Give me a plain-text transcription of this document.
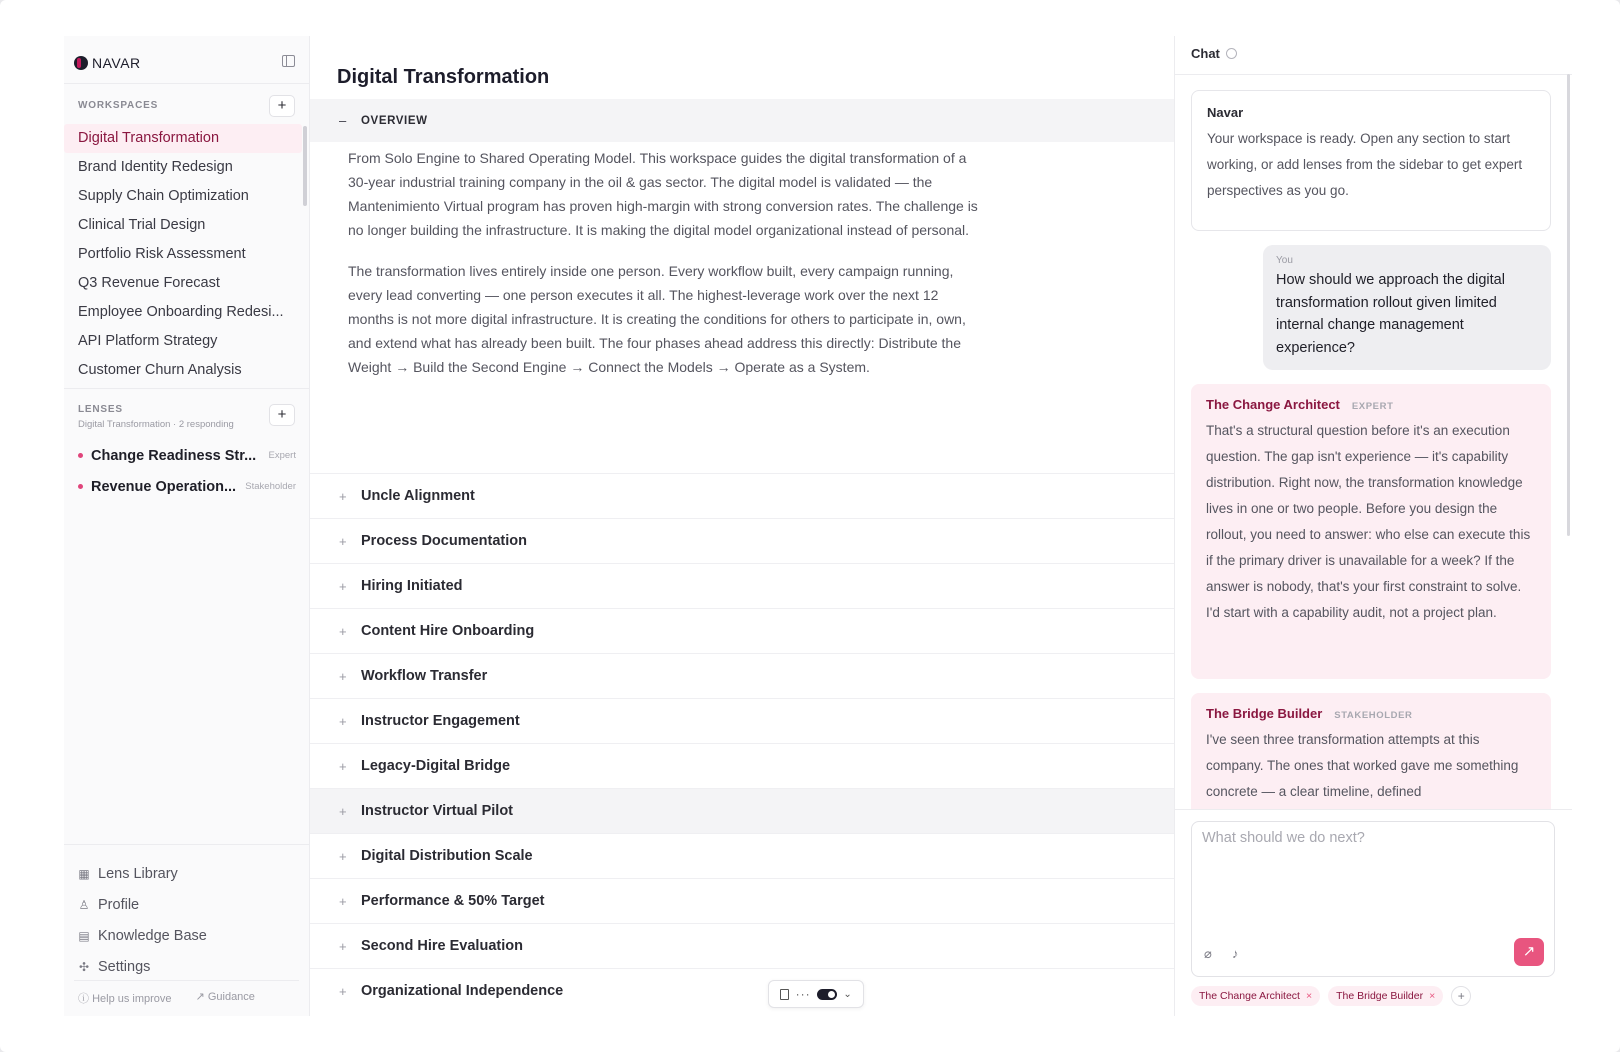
NAVAR
WORKSPACES	+
Digital Transformation
Brand Identity Redesign
Supply Chain Optimization
Clinical Trial Design
Portfolio Risk Assessment
Q3 Revenue Forecast
Employee Onboarding Redesi...
API Platform Strategy
Customer Churn Analysis
LENSES
Digital Transformation · 2 responding
+
Change Readiness Str...	Expert
Revenue Operation... Stakeholder
▦ Lens Library
♙ Profile
▤ Knowledge Base
✣ Settings
ⓘ Help us improve ↗ Guidance
Digital Transformation
–	OVERVIEW

From Solo Engine to Shared Operating Model. This workspace guides the digital transformation of a 30-year industrial training company in the oil & gas sector. The digital model is validated — the Mantenimiento Virtual program has proven high-margin with strong conversion rates. The challenge is no longer building the infrastructure. It is making the digital model organizational instead of personal.

The transformation lives entirely inside one person. Every workflow built, every campaign running, every lead converting — one person executes it all. The highest-leverage work over the next 12 months is not more digital infrastructure. It is creating the conditions for others to participate in, own, and extend what has already been built. The four phases ahead address this directly: Distribute the Weight → Build the Second Engine → Connect the Models → Operate as a System.

+ Uncle Alignment
+ Process Documentation
+ Hiring Initiated
+ Content Hire Onboarding
+ Workflow Transfer
+ Instructor Engagement
+ Legacy-Digital Bridge
+ Instructor Virtual Pilot
+ Digital Distribution Scale
+ Performance & 50% Target
+ Second Hire Evaluation
+ Organizational Independence	···	⌄
Chat
Navar
Your workspace is ready. Open any section to start working, or add lenses from the sidebar to get expert perspectives as you go.
You
How should we approach the digital transformation rollout given limited internal change management experience?
The Change Architect EXPERT
That's a structural question before it's an execution question. The gap isn't experience — it's capability distribution. Right now, the transformation knowledge lives in one or two people. Before you design the rollout, you need to answer: who else can execute this if the primary driver is unavailable for a week? If the answer is nobody, that's your first constraint to solve. I'd start with a capability audit, not a project plan.
The Bridge Builder STAKEHOLDER
I've seen three transformation attempts at this company. The ones that worked gave me something concrete — a clear timeline, defined
What should we do next?
⌀ ♪	↗
The Change Architect × The Bridge Builder ×	+
